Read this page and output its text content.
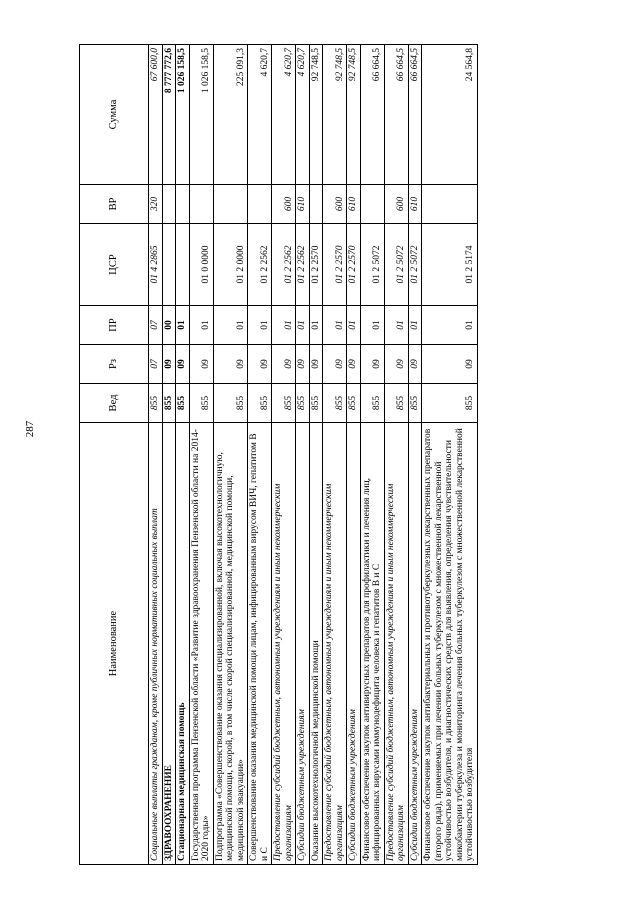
287
Наименование	Вед	Рз	ПР	ЦСР	ВР	Сумма
Социальные выплаты гражданам, кроме публичных нормативных социальных выплат	855	07	07	01 4 2865	320	67 600,0
ЗДРАВООХРАНЕНИЕ	855	09	00			8 777 772,6
Стационарная медицинская помощь	855	09	01			1 026 158,5
Государственная программа Пензенской области «Развитие здравоохранения Пензенской области на 2014-2020 годы»	855	09	01	01 0 0000		1 026 158,5
Подпрограмма «Совершенствование оказания специализированной, включая высокотехнологичную, медицинской помощи, скорой, в том числе скорой специализированной, медицинской помощи, медицинской эвакуации»	855	09	01	01 2 0000		225 091,3
Совершенствование оказания медицинской помощи лицам, инфицированным вирусом ВИЧ, гепатитом В и С	855	09	01	01 2 2562		4 620,7
Предоставление субсидий бюджетным, автономным учреждениям и иным некоммерческим организациям	855	09	01	01 2 2562	600	4 620,7
Субсидии бюджетным учреждениям	855	09	01	01 2 2562	610	4 620,7
Оказание высокотехнологичной медицинской помощи	855	09	01	01 2 2570		92 748,5
Предоставление субсидий бюджетным, автономным учреждениям и иным некоммерческим организациям	855	09	01	01 2 2570	600	92 748,5
Субсидии бюджетным учреждениям	855	09	01	01 2 2570	610	92 748,5
Финансовое обеспечение закупок антивирусных препаратов для профилактики и лечения лиц, инфицированных вирусами иммунодефицита человека и гепатитов В и С	855	09	01	01 2 5072		66 664,5
Предоставление субсидий бюджетным, автономным учреждениям и иным некоммерческим организациям	855	09	01	01 2 5072	600	66 664,5
Субсидии бюджетным учреждениям	855	09	01	01 2 5072	610	66 664,5
Финансовое обеспечение закупок антибактериальных и противотуберкулезных лекарственных препаратов (второго ряда), применяемых при лечении больных туберкулезом с множественной лекарственной устойчивостью возбудителя, и диагностических средств для выявления, определения чувствительности микобактерии туберкулеза и мониторинга лечения больных туберкулезом с множественной лекарственной устойчивостью возбудителя	855	09	01	01 2 5174		24 564,8
